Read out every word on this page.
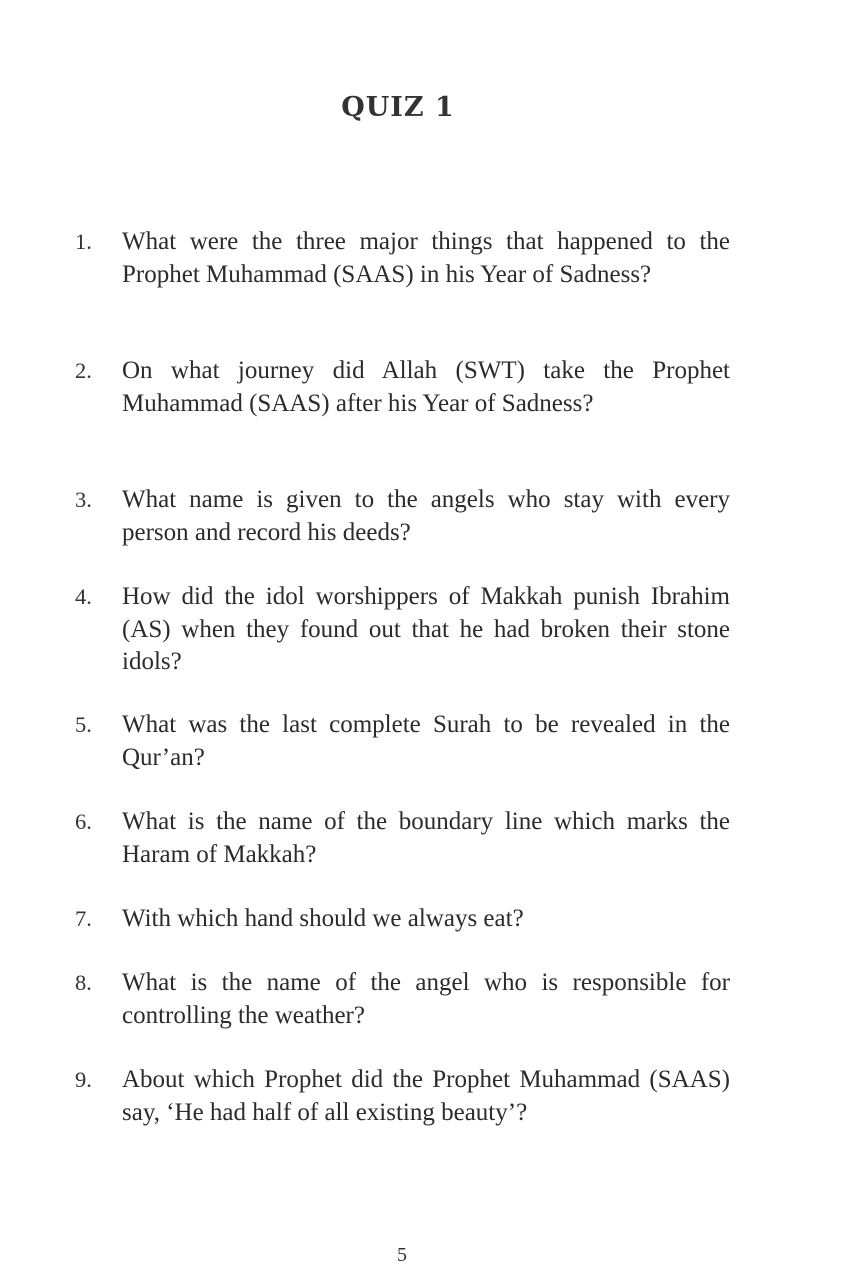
QUIZ 1
1.	What were the three major things that happened to the Prophet Muhammad (SAAS) in his Year of Sadness?
2.	On what journey did Allah (SWT) take the Prophet Muhammad (SAAS) after his Year of Sadness?
3.	What name is given to the angels who stay with every person and record his deeds?
4.	How did the idol worshippers of Makkah punish Ibrahim (AS) when they found out that he had broken their stone idols?
5.	What was the last complete Surah to be revealed in the Qur’an?
6.	What is the name of the boundary line which marks the Haram of Makkah?
7.	With which hand should we always eat?
8.	What is the name of the angel who is responsible for controlling the weather?
9.	About which Prophet did the Prophet Muhammad (SAAS) say, ‘He had half of all existing beauty’?
5
